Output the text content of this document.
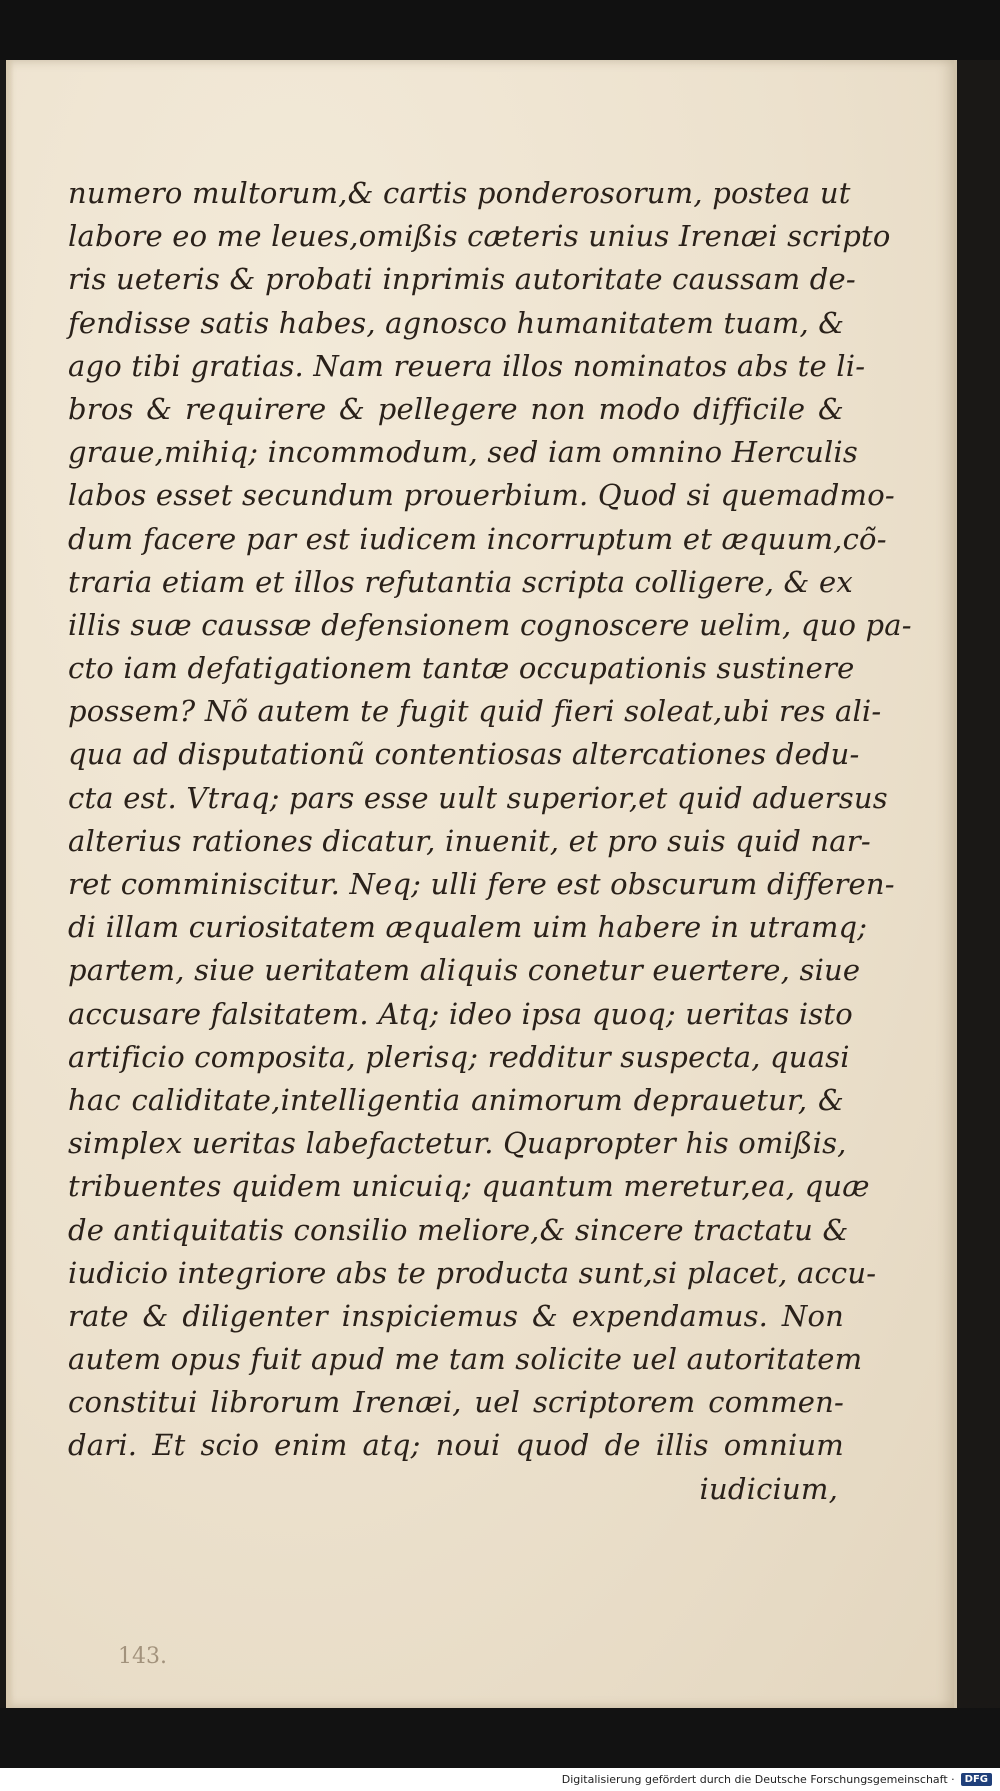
numero multorum,& cartis ponderosorum, postea ut
labore eo me leues,omißis cæteris unius Irenæi scripto
ris ueteris & probati inprimis autoritate caussam de-
fendisse satis habes, agnosco humanitatem tuam, &
ago tibi gratias. Nam reuera illos nominatos abs te li-
bros & requirere & pellegere non modo difficile &
graue,mihiq; incommodum, sed iam omnino Herculis
labos esset secundum prouerbium. Quod si quemadmo-
dum facere par est iudicem incorruptum et æquum,cõ-
traria etiam et illos refutantia scripta colligere, & ex
illis suæ caussæ defensionem cognoscere uelim, quo pa-
cto iam defatigationem tantæ occupationis sustinere
possem? Nõ autem te fugit quid fieri soleat,ubi res ali-
qua ad disputationũ contentiosas altercationes dedu-
cta est. Vtraq; pars esse uult superior,et quid aduersus
alterius rationes dicatur, inuenit, et pro suis quid nar-
ret comminiscitur. Neq; ulli fere est obscurum differen-
di illam curiositatem æqualem uim habere in utramq;
partem, siue ueritatem aliquis conetur euertere, siue
accusare falsitatem. Atq; ideo ipsa quoq; ueritas isto
artificio composita, plerisq; redditur suspecta, quasi
hac caliditate,intelligentia animorum deprauetur, &
simplex ueritas labefactetur. Quapropter his omißis,
tribuentes quidem unicuiq; quantum meretur,ea, quæ
de antiquitatis consilio meliore,& sincere tractatu &
iudicio integriore abs te producta sunt,si placet, accu-
rate & diligenter inspiciemus & expendamus. Non
autem opus fuit apud me tam solicite uel autoritatem
constitui librorum Irenæi, uel scriptorem commen-
dari. Et scio enim atq; noui quod de illis omnium
iudicium,
143.
Digitalisierung gefördert durch die Deutsche Forschungsgemeinschaft ·	DFG
